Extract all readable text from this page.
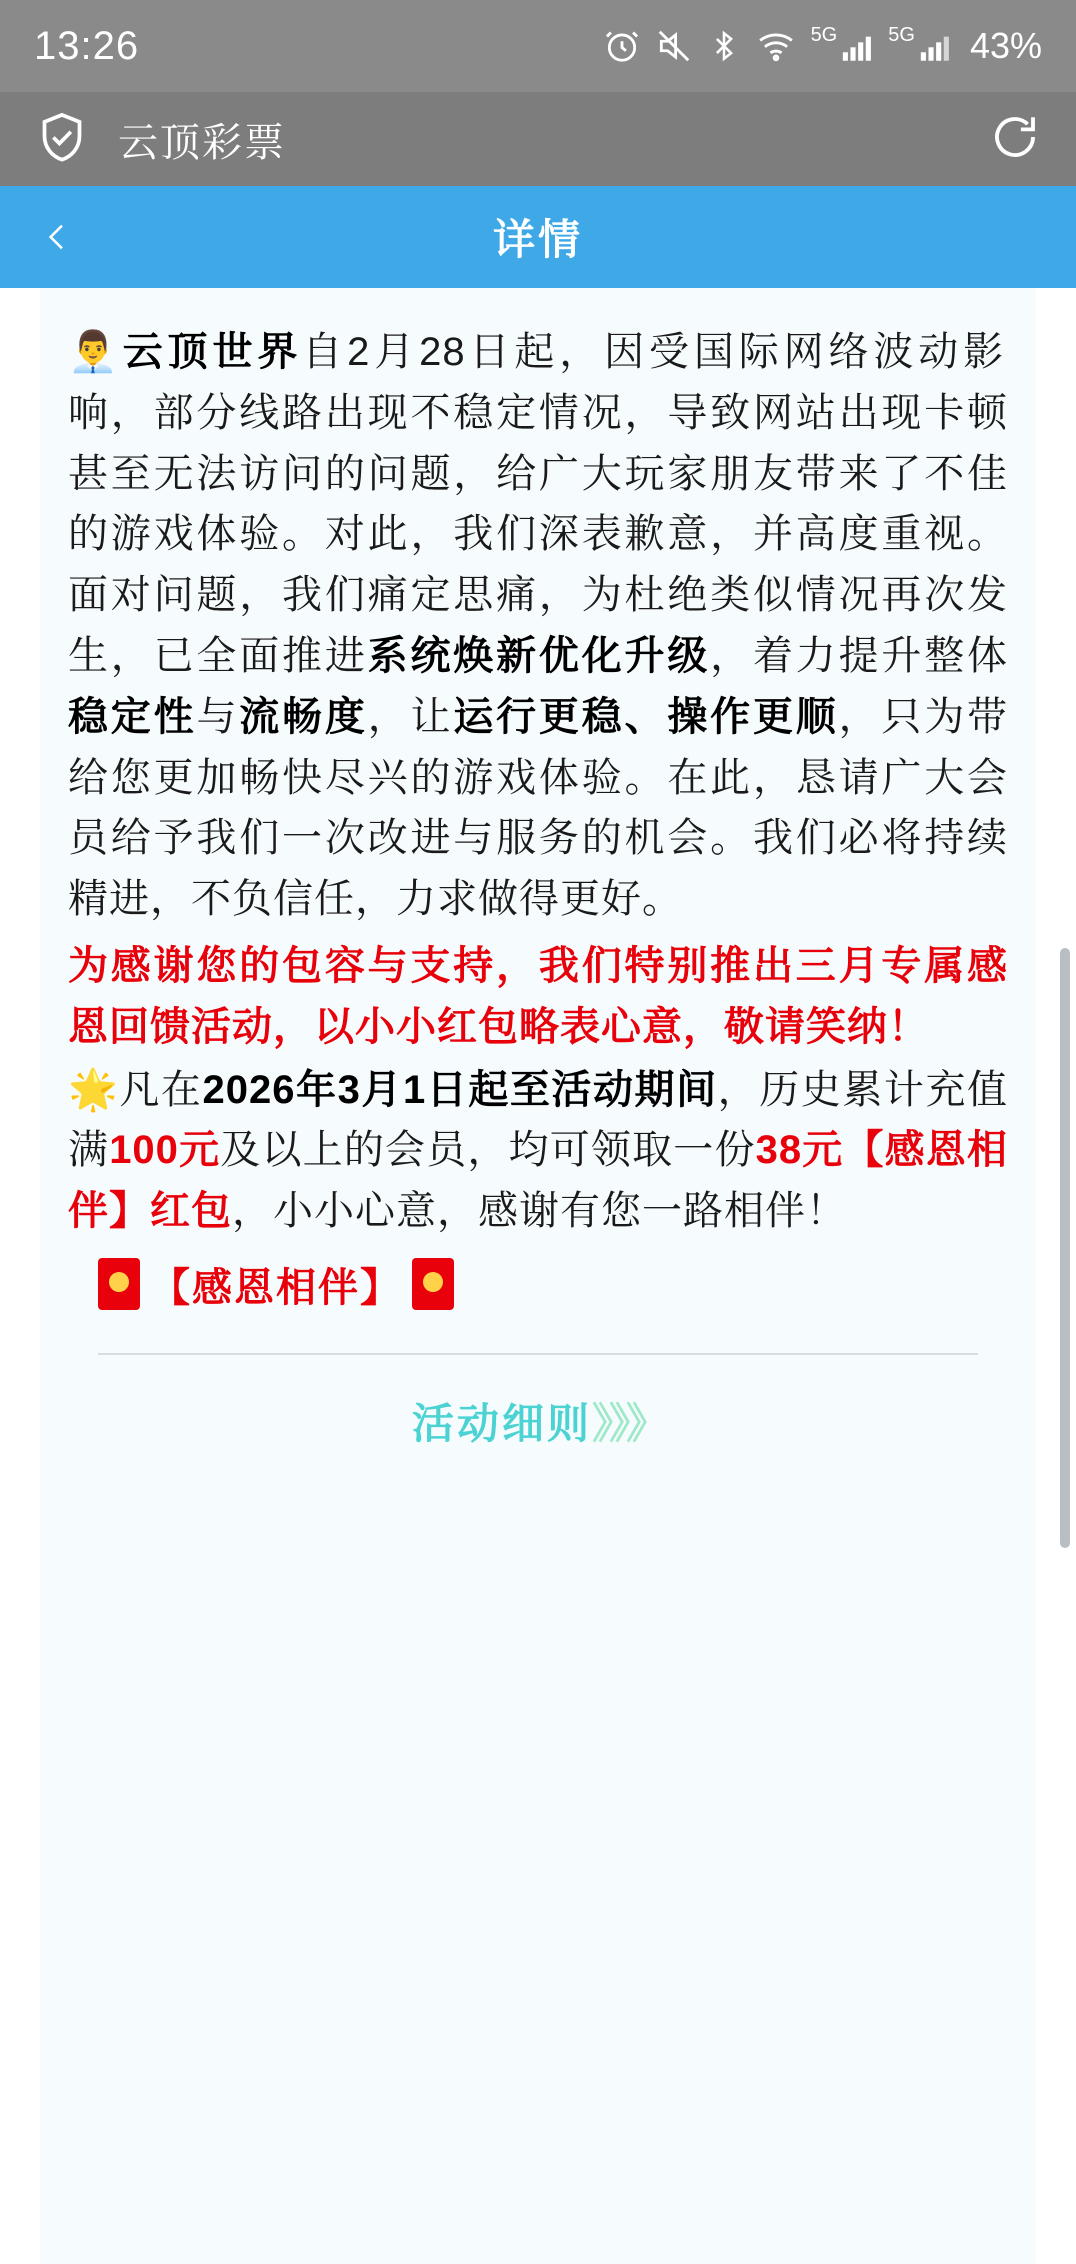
13:26	5G	5G 43%
云顶彩票
详情

👨‍💼云顶世界自2月28日起，因受国际网络波动影响，部分线路出现不稳定情况，导致网站出现卡顿甚至无法访问的问题，给广大玩家朋友带来了不佳的游戏体验。对此，我们深表歉意，并高度重视。面对问题，我们痛定思痛，为杜绝类似情况再次发生，已全面推进系统焕新优化升级，着力提升整体稳定性与流畅度，让运行更稳、操作更顺，只为带给您更加畅快尽兴的游戏体验。在此，恳请广大会员给予我们一次改进与服务的机会。我们必将持续精进，不负信任，力求做得更好。

为感谢您的包容与支持，我们特别推出三月专属感恩回馈活动，以小小红包略表心意，敬请笑纳！

🌟凡在2026年3月1日起至活动期间，历史累计充值满100元及以上的会员，均可领取一份38元【感恩相伴】红包，小小心意，感谢有您一路相伴！

【感恩相伴】
活动细则》》》
